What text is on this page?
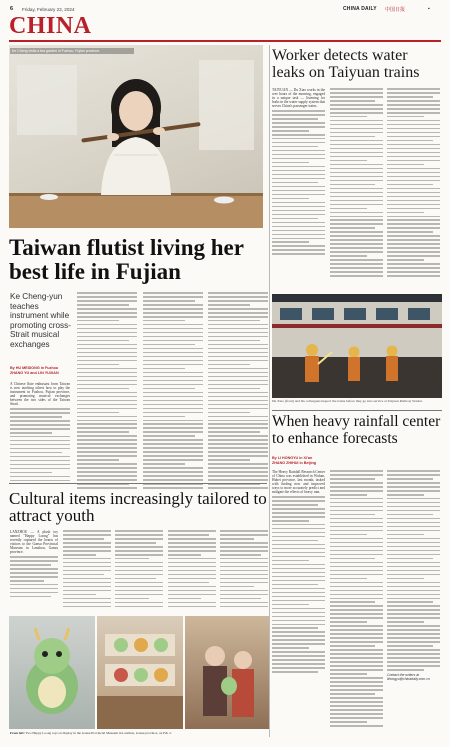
6 Friday, February 23, 2024	CHINA DAILY 中国日报	▪
CHINA
Ke Cheng visits a tea garden in Fuzhou, Fujian province.
	Worker detects water leaks on Taiyuan trains

TAIYUAN — Du Xiao works in the wee hours of the morning, engaged in a unique task — listening for leaks in the water supply system that serves China's passenger trains.

Du Xiao (front) and his colleagues inspect the trains before they go into service at Taiyuan Railway Station.
Taiwan flutist living her best life in Fujian
Ke Cheng-yun teaches instrument while promoting cross-Strait musical exchanges
By HU MEIDONG in Fuzhou
ZHANG YU and LIN YUXIAN

A Chinese flute enthusiast from Taiwan is now teaching others how to play the instrument in Fuzhou, Fujian province, and promoting musical exchanges between the two sides of the Taiwan Strait.

Cultural items increasingly tailored to attract youth

LANZHOU — A plush toy named "Happy Loong" has recently captured the hearts of visitors to the Gansu Provincial Museum in Lanzhou, Gansu province.

From left: Two Happy Loong toys on display in the Gansu Provincial Museum in Lanzhou, Gansu province, on Feb 2.
When heavy rainfall center to enhance forecasts
By LI HONGYU in Xi'an
ZHANG ZHIHUI in Beijing

The Heavy Rainfall Research Center of China was established in Wuhan, Hubei province, last month, tasked with finding new and improved ways to more accurately predict and mitigate the effects of heavy rain.

Contact the writers at
lihongyu@chinadaily.com.cn
